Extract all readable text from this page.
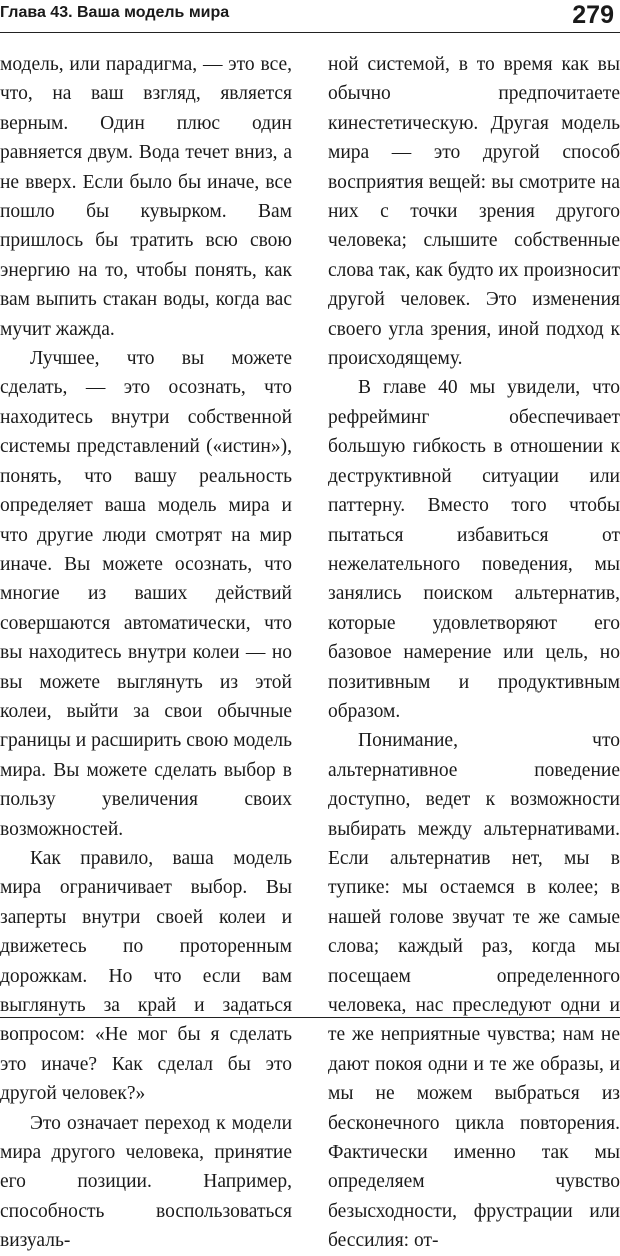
Глава 43. Ваша модель мира	279

модель, или парадигма, — это все, что, на ваш взгляд, является верным. Один плюс один равняется двум. Вода течет вниз, а не вверх. Если было бы иначе, все пошло бы кувырком. Вам пришлось бы тратить всю свою энергию на то, чтобы понять, как вам выпить стакан воды, когда вас мучит жажда.

Лучшее, что вы можете сделать, — это осознать, что находитесь внутри собственной системы представлений («истин»), понять, что вашу реальность определяет ваша модель мира и что другие люди смотрят на мир иначе. Вы можете осознать, что многие из ваших действий совершаются автоматически, что вы находитесь внутри колеи — но вы можете выглянуть из этой колеи, выйти за свои обычные границы и расширить свою модель мира. Вы можете сделать выбор в пользу увеличения своих возможностей.

Как правило, ваша модель мира ограничивает выбор. Вы заперты внутри своей колеи и движетесь по проторенным дорожкам. Но что если вам выглянуть за край и задаться вопросом: «Не мог бы я сделать это иначе? Как сделал бы это другой человек?»

Это означает переход к модели мира другого человека, принятие его позиции. Например, способность воспользоваться визуаль-

ной системой, в то время как вы обычно предпочитаете кинестетическую. Другая модель мира — это другой способ восприятия вещей: вы смотрите на них с точки зрения другого человека; слышите собственные слова так, как будто их произносит другой человек. Это изменения своего угла зрения, иной подход к происходящему.

В главе 40 мы увидели, что рефрейминг обеспечивает большую гибкость в отношении к деструктивной ситуации или паттерну. Вместо того чтобы пытаться избавиться от нежелательного поведения, мы занялись поиском альтернатив, которые удовлетворяют его базовое намерение или цель, но позитивным и продуктивным образом.

Понимание, что альтернативное поведение доступно, ведет к возможности выбирать между альтернативами. Если альтернатив нет, мы в тупике: мы остаемся в колее; в нашей голове звучат те же самые слова; каждый раз, когда мы посещаем определенного человека, нас преследуют одни и те же неприятные чувства; нам не дают покоя одни и те же образы, и мы не можем выбраться из бесконечного цикла повторения. Фактически именно так мы определяем чувство безысходности, фрустрации или бессилия: от-
